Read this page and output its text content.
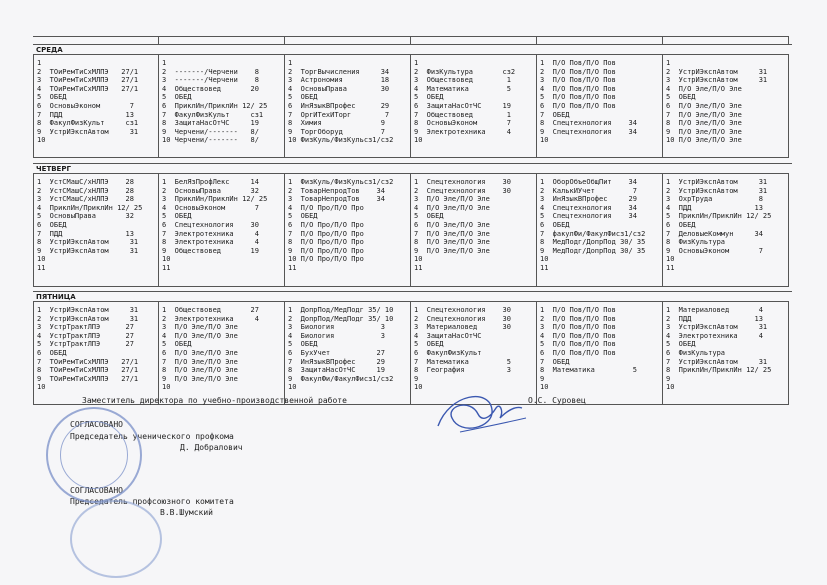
СРЕДА
1
2  ТОиРемТиСхМЛПЭ   27/1
3  ТОиРемТиСхМЛПЭ   27/1
4  ТОиРемТиСхМЛПЭ   27/1
5  ОБЕД
6  ОсновыЭконом       7
7  ПДД               13
8  ФакулФизКульт     cз1
9  УстрИЭкспАвтом     31
10
1
2  -------/Черчени    8
3  -------/Черчени    8
4  Обществовед       20
5  ОБЕД
6  ПриклИн/ПриклИн 12/ 25
7  ФакулФизКульт     cз1
8  ЗащитаНасОтЧС     19
9  Черчени/-------   8/
10 Черчени/-------   8/
1
2  ТоргВычисления     34
3  Астрономия         18
4  ОсновыПрава        30
5  ОБЕД
6  ИнЯзыкВПрофес      29
7  ОргИТехИТорг        7
8  Химия              9
9  ТоргОборуд         7
10 ФизКуль/ФизКульсз1/сз2
1
2  ФизКультура       сз2
3  Обществовед        1
4  Математика         5
5  ОБЕД
6  ЗащитаНасОтЧС     19
7  Обществовед        1
8  ОсновыЭконом       7
9  Электротехника     4
10
1  П/О Пов/П/О Пов
2  П/О Пов/П/О Пов
3  П/О Пов/П/О Пов
4  П/О Пов/П/О Пов
5  П/О Пов/П/О Пов
6  П/О Пов/П/О Пов
7  ОБЕД
8  Спецтехнология    34
9  Спецтехнология    34
10
1
2  УстрИЭкспАвтом     31
3  УстрИЭкспАвтом     31
4  П/О Эле/П/О Эле
5  ОБЕД
6  П/О Эле/П/О Эле
7  П/О Эле/П/О Эле
8  П/О Эле/П/О Эле
9  П/О Эле/П/О Эле
10 П/О Эле/П/О Эле
ЧЕТВЕРГ
1  УстСМашС/хНЛПЭ    28
2  УстСМашС/хНЛПЭ    28
3  УстСМашС/хНЛПЭ    28
4  ПриклИн/ПриклИн 12/ 25
5  ОсновыПрава       32
6  ОБЕД
7  ПДД               13
8  УстрИЭкспАвтом     31
9  УстрИЭкспАвтом     31
10
11
1  БелЯзПрофЛекс     14
2  ОсновыПрава       32
3  ПриклИн/ПриклИн 12/ 25
4  ОсновыЭконом       7
5  ОБЕД
6  Спецтехнология    30
7  Электротехника     4
8  Электротехника     4
9  Обществовед       19
10
11
1  ФизКуль/ФизКульсз1/сз2
2  ТоварНепродТов    34
3  ТоварНепродТов    34
4  П/О Про/П/О Про
5  ОБЕД
6  П/О Про/П/О Про
7  П/О Про/П/О Про
8  П/О Про/П/О Про
9  П/О Про/П/О Про
10 П/О Про/П/О Про
11
1  Спецтехнология    30
2  Спецтехнология    30
3  П/О Эле/П/О Эле
4  П/О Эле/П/О Эле
5  ОБЕД
6  П/О Эле/П/О Эле
7  П/О Эле/П/О Эле
8  П/О Эле/П/О Эле
9  П/О Эле/П/О Эле
10
11
1  ОборОбъеОбщПит    34
2  КалькИУчет         7
3  ИнЯзыкВПрофес     29
4  Спецтехнология    34
5  Спецтехнология    34
6  ОБЕД
7  факулФи/ФакулФисз1/сз2
8  МедПодг/ДопрПод 30/ 35
9  МедПодг/ДопрПод 30/ 35
10
11
1  УстрИЭкспАвтом     31
2  УстрИЭкспАвтом     31
3  ОхрТруда           8
4  ПДД               13
5  ПриклИн/ПриклИн 12/ 25
6  ОБЕД
7  ДеловыеКоммун     34
8  ФизКультура
9  ОсновыЭконом       7
10
11
ПЯТНИЦА
1  УстрИЭкспАвтом     31
2  УстрИЭкспАвтом     31
3  УстрТрактЛПЭ      27
4  УстрТрактЛПЭ      27
5  УстрТрактЛПЭ      27
6  ОБЕД
7  ТОиРемТиСхМЛПЭ   27/1
8  ТОиРемТиСхМЛПЭ   27/1
9  ТОиРемТиСхМЛПЭ   27/1
10
1  Обществовед       27
2  Электротехника     4
3  П/О Эле/П/О Эле
4  П/О Эле/П/О Эле
5  ОБЕД
6  П/О Эле/П/О Эле
7  П/О Эле/П/О Эле
8  П/О Эле/П/О Эле
9  П/О Эле/П/О Эле
10
1  ДопрПод/МедПодг 35/ 10
2  ДопрПод/МедПодг 35/ 10
3  Биология           3
4  Биология           3
5  ОБЕД
6  БухУчет           27
7  ИнЯзыкВПрофес     29
8  ЗащитаНасОтЧС     19
9  ФакулФи/ФакулФисз1/сз2
10
1  Спецтехнология    30
2  Спецтехнология    30
3  Материаловед      30
4  ЗащитаНасОтЧС
5  ОБЕД
6  ФакулФизКульт
7  Математика         5
8  География          3
9
10
1  П/О Пов/П/О Пов
2  П/О Пов/П/О Пов
3  П/О Пов/П/О Пов
4  П/О Пов/П/О Пов
5  П/О Пов/П/О Пов
6  П/О Пов/П/О Пов
7  ОБЕД
8  Математика         5
9
10
1  Материаловед       4
2  ПДД               13
3  УстрИЭкспАвтом     31
4  Электротехника     4
5  ОБЕД
6  ФизКультура
7  УстрИЭкспАвтом     31
8  ПриклИн/ПриклИн 12/ 25
9
10
Заместитель директора по учебно-производственной работе	О.С. Суровец
СОГЛАСОВАНО
Председатель ученического профкома
Д. Добралович
СОГЛАСОВАНО
Председатель профсоюзного комитета
В.В.Шумский
